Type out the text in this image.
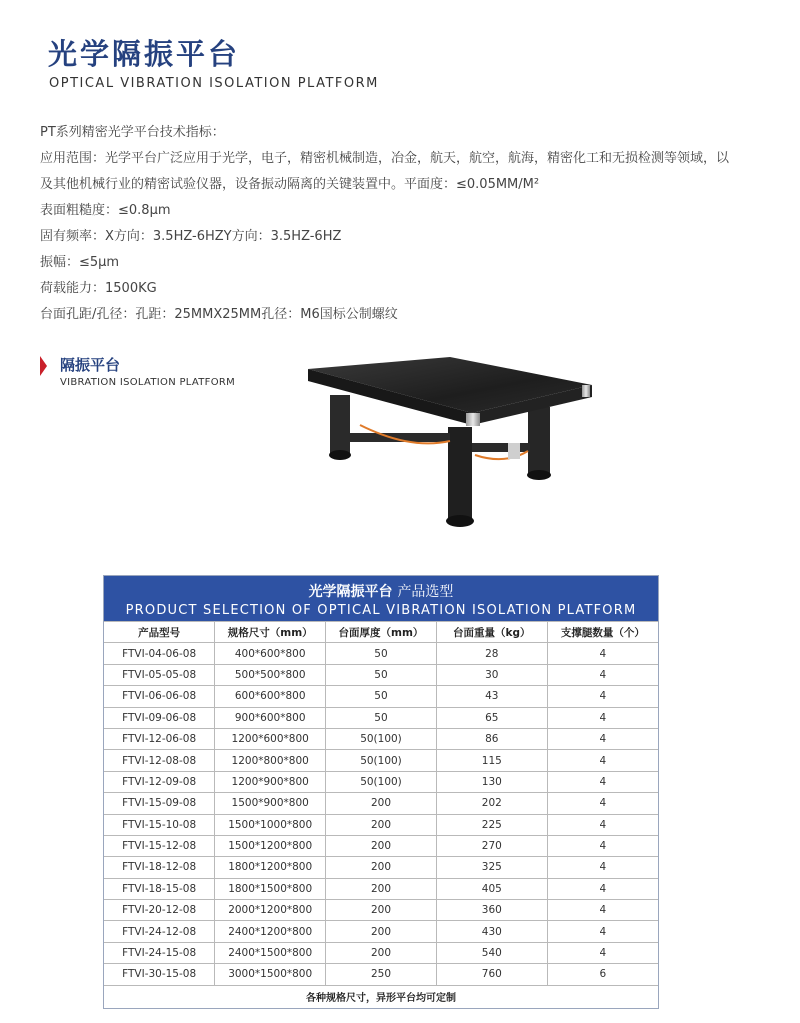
光学隔振平台
OPTICAL VIBRATION ISOLATION PLATFORM

PT系列精密光学平台技术指标：

应用范围：光学平台广泛应用于光学，电子，精密机械制造，冶金，航天，航空，航海，精密化工和无损检测等领域，以及其他机械行业的精密试验仪器，设备振动隔离的关键装置中。平面度：≤0.05MM/M²

表面粗糙度：≤0.8μm

固有频率：X方向：3.5HZ-6HZY方向：3.5HZ-6HZ

振幅：≤5μm

荷载能力：1500KG

台面孔距/孔径：孔距：25MMX25MM孔径：M6国标公制螺纹

隔振平台
VIBRATION ISOLATION PLATFORM
光学隔振平台 产品选型
PRODUCT SELECTION OF OPTICAL VIBRATION ISOLATION PLATFORM
产品型号	规格尺寸（mm）	台面厚度（mm）	台面重量（kg）	支撑腿数量（个）
FTVI-04-06-08	400*600*800	50	28	4
FTVI-05-05-08	500*500*800	50	30	4
FTVI-06-06-08	600*600*800	50	43	4
FTVI-09-06-08	900*600*800	50	65	4
FTVI-12-06-08	1200*600*800	50(100)	86	4
FTVI-12-08-08	1200*800*800	50(100)	115	4
FTVI-12-09-08	1200*900*800	50(100)	130	4
FTVI-15-09-08	1500*900*800	200	202	4
FTVI-15-10-08	1500*1000*800	200	225	4
FTVI-15-12-08	1500*1200*800	200	270	4
FTVI-18-12-08	1800*1200*800	200	325	4
FTVI-18-15-08	1800*1500*800	200	405	4
FTVI-20-12-08	2000*1200*800	200	360	4
FTVI-24-12-08	2400*1200*800	200	430	4
FTVI-24-15-08	2400*1500*800	200	540	4
FTVI-30-15-08	3000*1500*800	250	760	6
各种规格尺寸，异形平台均可定制
